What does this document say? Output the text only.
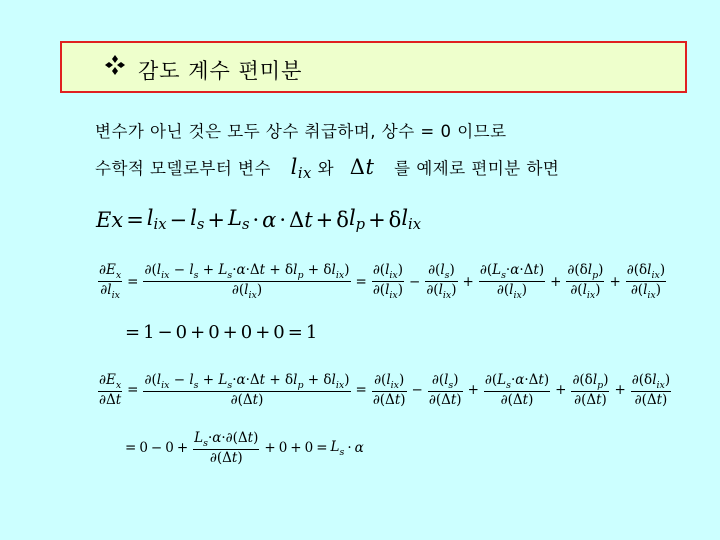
감도 계수 편미분
변수가 아닌 것은 모두 상수 취급하며, 상수 = 0 이므로
수학적 모델로부터 변수 $l_{ix}$ 와 Δt 를 예제로 편미분 하면
$Ex = l_{ix} - l_s + L_s \cdot \alpha \cdot \Delta$ t + δ $l_p + \delta$ $l_{ix}$
$\frac{\partial E_x}{\partial l_{ix}} = \frac{\partial(l_{ix} - l_s + L_s\cdot\alpha\cdot\Delta t + \delta l_p + \delta l_{ix})}{\partial(l_{ix})} = \frac{\partial(l_{ix})}{\partial(l_{ix})} - \frac{\partial(l_s)}{\partial(l_{ix})} + \frac{\partial(L_s\cdot\alpha\cdot\Delta t)}{\partial(l_{ix})} + \frac{\partial(\delta l_p)}{\partial(l_{ix})} + \frac{\partial(\delta l_{ix})}{\partial(l_{ix})}$
= 1 − 0 + 0 + 0 + 0 = 1
$\frac{\partial E_x}{\partial\Delta t} = \frac{\partial(l_{ix} - l_s + L_s\cdot\alpha\cdot\Delta t + \delta l_p + \delta l_{ix})}{\partial(\Delta t)} = \frac{\partial(l_{ix})}{\partial(\Delta t)} - \frac{\partial(l_s)}{\partial(\Delta t)} + \frac{\partial(L_s\cdot\alpha\cdot\Delta t)}{\partial(\Delta t)} + \frac{\partial(\delta l_p)}{\partial(\Delta t)} + \frac{\partial(\delta l_{ix})}{\partial(\Delta t)}$
= $0 - 0 + \frac{L_s\cdot\alpha\cdot\partial(\Delta t)}{\partial(\Delta t)} + 0 + 0 = L_s \cdot \alpha$
